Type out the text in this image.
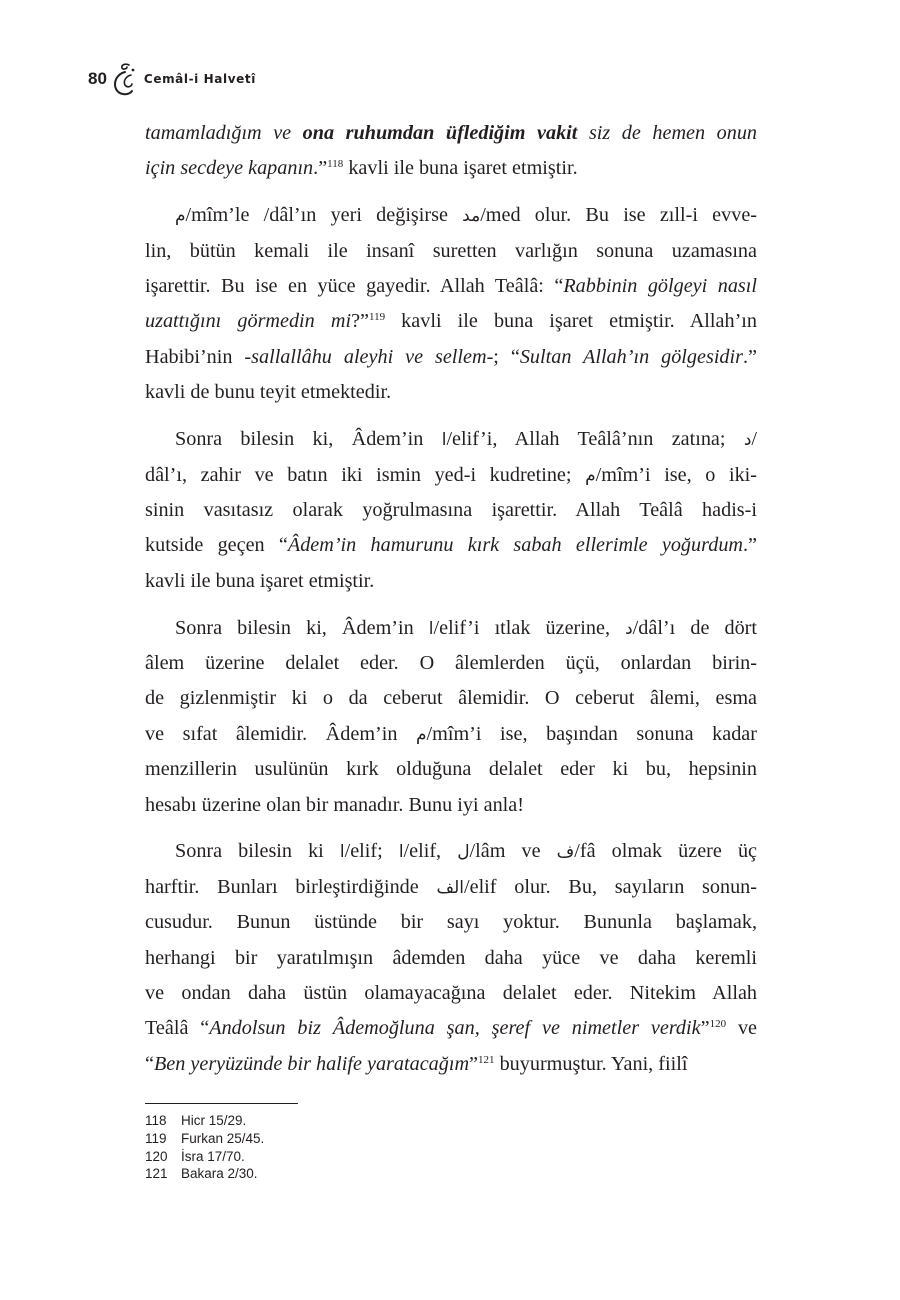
80	Cemâl-i Halvetî
tamamladığım ve ona ruhumdan üflediğim vakit siz de hemen onun
için secdeye kapanın.”$^{118}$ kavli ile buna işaret etmiştir.
م/mîm’le /dâl’ın yeri değişirse مد/med olur. Bu ise zıll-i evve-
lin, bütün kemali ile insanî suretten varlığın sonuna uzamasına
işarettir. Bu ise en yüce gayedir. Allah Teâlâ: “Rabbinin gölgeyi nasıl
uzattığını görmedin mi?”$^{119}$ kavli ile buna işaret etmiştir. Allah’ın
Habibi’nin -sallallâhu aleyhi ve sellem-; “Sultan Allah’ın gölgesidir.”
kavli de bunu teyit etmektedir.
Sonra bilesin ki, Âdem’in ا/elif’i, Allah Teâlâ’nın zatına; د/
dâl’ı, zahir ve batın iki ismin yed-i kudretine; م/mîm’i ise, o iki-
sinin vasıtasız olarak yoğrulmasına işarettir. Allah Teâlâ hadis-i
kutside geçen “Âdem’in hamurunu kırk sabah ellerimle yoğurdum.”
kavli ile buna işaret etmiştir.
Sonra bilesin ki, Âdem’in ا/elif’i ıtlak üzerine, د/dâl’ı de dört
âlem üzerine delalet eder. O âlemlerden üçü, onlardan birin-
de gizlenmiştir ki o da ceberut âlemidir. O ceberut âlemi, esma
ve sıfat âlemidir. Âdem’in م/mîm’i ise, başından sonuna kadar
menzillerin usulünün kırk olduğuna delalet eder ki bu, hepsinin
hesabı üzerine olan bir manadır. Bunu iyi anla!
Sonra bilesin ki ا/elif; ا/elif, ل/lâm ve ف/fâ olmak üzere üç
harftir. Bunları birleştirdiğinde الف/elif olur. Bu, sayıların sonun-
cusudur. Bunun üstünde bir sayı yoktur. Bununla başlamak,
herhangi bir yaratılmışın âdemden daha yüce ve daha keremli
ve ondan daha üstün olamayacağına delalet eder. Nitekim Allah
Teâlâ “Andolsun biz Âdemoğluna şan, şeref ve nimetler verdik”$^{120}$ ve
“Ben yeryüzünde bir halife yaratacağım”$^{121}$ buyurmuştur. Yani, fiilî
118	Hicr 15/29.
119	Furkan 25/45.
120 İsra 17/70.
121 Bakara 2/30.
